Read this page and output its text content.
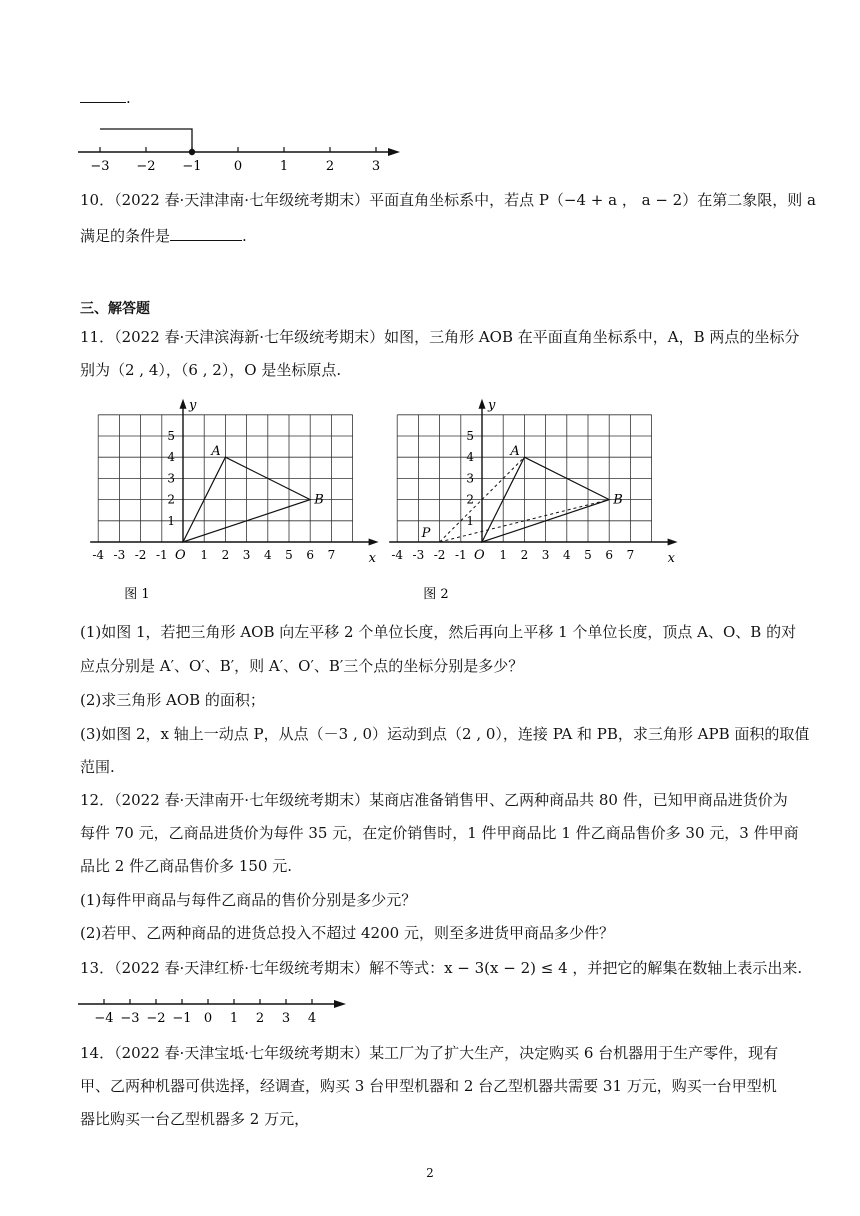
.
−3 −2 −1 0	1	2	3
10．（2022 春·天津津南·七年级统考期末）平面直角坐标系中，若点 P（−4 + a ， a − 2）在第二象限，则 a
满足的条件是	.
三、解答题
11．（2022 春·天津滨海新·七年级统考期末）如图，三角形 AOB 在平面直角坐标系中，A，B 两点的坐标分
别为（2 , 4），（6 , 2），O 是坐标原点.
x
y
-4 -3 -2 -1	1 2 3 4 5 6 7
1
2
3
4
5
O
A
B
图 1
x
y
-4 -3 -2 -1	1 2 3 4 5 6 7
1
2
3
4
5
O
A
B
P
图 2
(1)如图 1，若把三角形 AOB 向左平移 2 个单位长度，然后再向上平移 1 个单位长度，顶点 A、O、B 的对
应点分别是 A′、O′、B′，则 A′、O′、B′三个点的坐标分别是多少？
(2)求三角形 AOB 的面积；
(3)如图 2，x 轴上一动点 P，从点（－3 , 0）运动到点（2 , 0），连接 PA 和 PB，求三角形 APB 面积的取值
范围.
12．（2022 春·天津南开·七年级统考期末）某商店准备销售甲、乙两种商品共 80 件，已知甲商品进货价为
每件 70 元，乙商品进货价为每件 35 元，在定价销售时，1 件甲商品比 1 件乙商品售价多 30 元，3 件甲商
品比 2 件乙商品售价多 150 元.
(1)每件甲商品与每件乙商品的售价分别是多少元？
(2)若甲、乙两种商品的进货总投入不超过 4200 元，则至多进货甲商品多少件？
13．（2022 春·天津红桥·七年级统考期末）解不等式：x − 3(x − 2) ≤ 4 ，并把它的解集在数轴上表示出来.
−4 −3 −2 −1 0 1 2 3 4
14．（2022 春·天津宝坻·七年级统考期末）某工厂为了扩大生产，决定购买 6 台机器用于生产零件，现有
甲、乙两种机器可供选择，经调查，购买 3 台甲型机器和 2 台乙型机器共需要 31 万元，购买一台甲型机
器比购买一台乙型机器多 2 万元，
2
